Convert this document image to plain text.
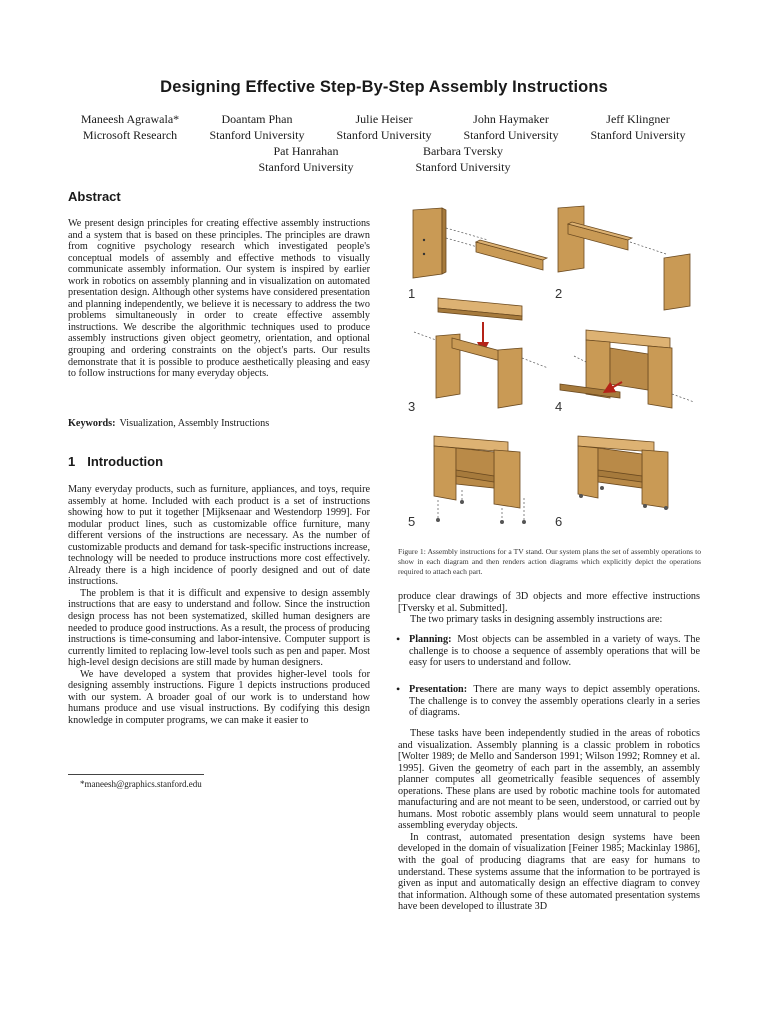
Designing Effective Step-By-Step Assembly Instructions
Maneesh Agrawala*
Microsoft Research
Doantam Phan
Stanford University
Julie Heiser
Stanford University
John Haymaker
Stanford University
Jeff Klingner
Stanford University
Pat Hanrahan
Stanford University
Barbara Tversky
Stanford University
Abstract

We present design principles for creating effective assembly instructions and a system that is based on these principles. The principles are drawn from cognitive psychology research which investigated people's conceptual models of assembly and effective methods to visually communicate assembly information. Our system is inspired by earlier work in robotics on assembly planning and in visualization on automated presentation design. Although other systems have considered presentation and planning independently, we believe it is necessary to address the two problems simultaneously in order to create effective assembly instructions. We describe the algorithmic techniques used to produce assembly instructions given object geometry, orientation, and optional grouping and ordering constraints on the object's parts. Our results demonstrate that it is possible to produce aesthetically pleasing and easy to follow instructions for many everyday objects.

Keywords: Visualization, Assembly Instructions
1 Introduction

Many everyday products, such as furniture, appliances, and toys, require assembly at home. Included with each product is a set of instructions showing how to put it together [Mijksenaar and Westendorp 1999]. For modular product lines, such as customizable office furniture, many different versions of the instructions are necessary. As the number of customizable products and demand for task-specific instructions increase, technology will be needed to produce instructions more cost effectively. Already there is a high incidence of poorly designed and out of date instructions.

The problem is that it is difficult and expensive to design assembly instructions that are easy to understand and follow. Since the instruction design process has not been systematized, skilled human designers are needed to produce good instructions. As a result, the process of producing instructions is time-consuming and labor-intensive. Computer support is currently limited to replacing low-level tools such as pen and paper. Most high-level design decisions are still made by human designers.

We have developed a system that provides higher-level tools for designing assembly instructions. Figure 1 depicts instructions produced with our system. A broader goal of our work is to understand how humans produce and use visual instructions. By codifying this design knowledge in computer programs, we can make it easier to

*maneesh@graphics.stanford.edu
1	2
3	4
5	6
Figure 1: Assembly instructions for a TV stand. Our system plans the set of assembly operations to show in each diagram and then renders action diagrams which explicitly depict the operations required to attach each part.

produce clear drawings of 3D objects and more effective instructions [Tversky et al. Submitted].

The two primary tasks in designing assembly instructions are:

• Planning: Most objects can be assembled in a variety of ways. The challenge is to choose a sequence of assembly operations that will be easy for users to understand and follow.
• Presentation: There are many ways to depict assembly operations. The challenge is to convey the assembly operations clearly in a series of diagrams.

These tasks have been independently studied in the areas of robotics and visualization. Assembly planning is a classic problem in robotics [Wolter 1989; de Mello and Sanderson 1991; Wilson 1992; Romney et al. 1995]. Given the geometry of each part in the assembly, an assembly planner computes all geometrically feasible sequences of assembly operations. These plans are used by robotic machine tools for automated manufacturing and are not meant to be seen, understood, or carried out by humans. Most robotic assembly plans would seem unnatural to people assembling everyday objects.

In contrast, automated presentation design systems have been developed in the domain of visualization [Feiner 1985; Mackinlay 1986], with the goal of producing diagrams that are easy for humans to understand. These systems assume that the information to be portrayed is given as input and automatically design an effective diagram to convey that information. Although some of these automated presentation systems have been developed to illustrate 3D
